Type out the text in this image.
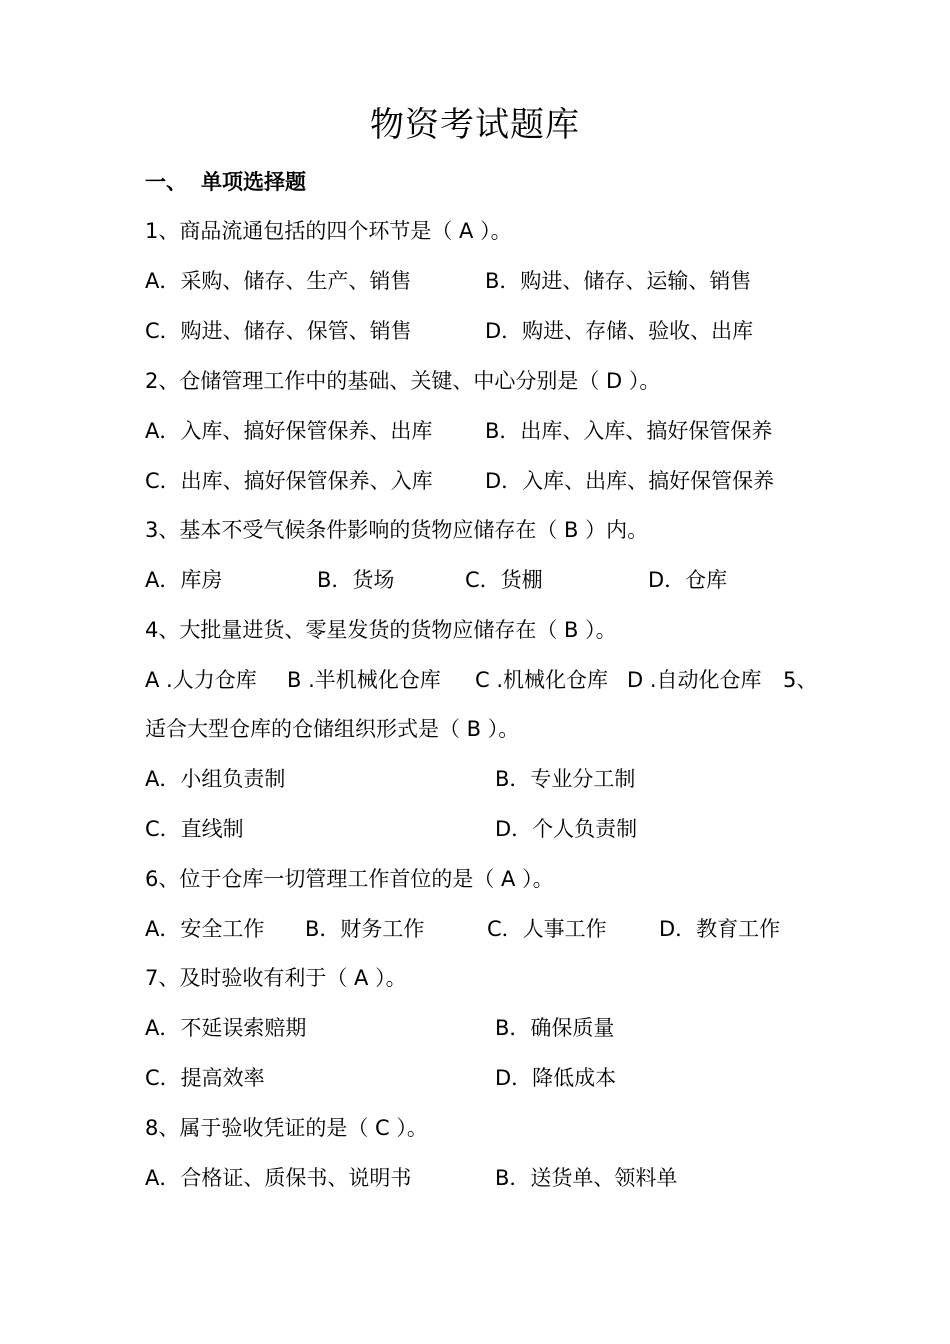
物资考试题库
一、 单项选择题
1、商品流通包括的四个环节是（ A ）。
A．采购、储存、生产、销售	B．购进、储存、运输、销售
C．购进、储存、保管、销售	D．购进、存储、验收、出库
2、仓储管理工作中的基础、关键、中心分别是（ D ）。
A．入库、搞好保管保养、出库	B．出库、入库、搞好保管保养
C．出库、搞好保管保养、入库 D．入库、出库、搞好保管保养
3、基本不受气候条件影响的货物应储存在（ B ）内。
A．库房	B．货场	C．货棚	D．仓库
4、大批量进货、零星发货的货物应储存在（ B ）。
A .人力仓库 B .半机械化仓库 C .机械化仓库 D .自动化仓库 5、
适合大型仓库的仓储组织形式是（ B ）。
A．小组负责制	B．专业分工制
C．直线制	D．个人负责制
6、位于仓库一切管理工作首位的是（ A ）。
A．安全工作 B．财务工作	C．人事工作 D．教育工作
7、及时验收有利于（ A ）。
A．不延误索赔期	B．确保质量
C．提高效率	D．降低成本
8、属于验收凭证的是（ C ）。
A．合格证、质保书、说明书	B．送货单、领料单
